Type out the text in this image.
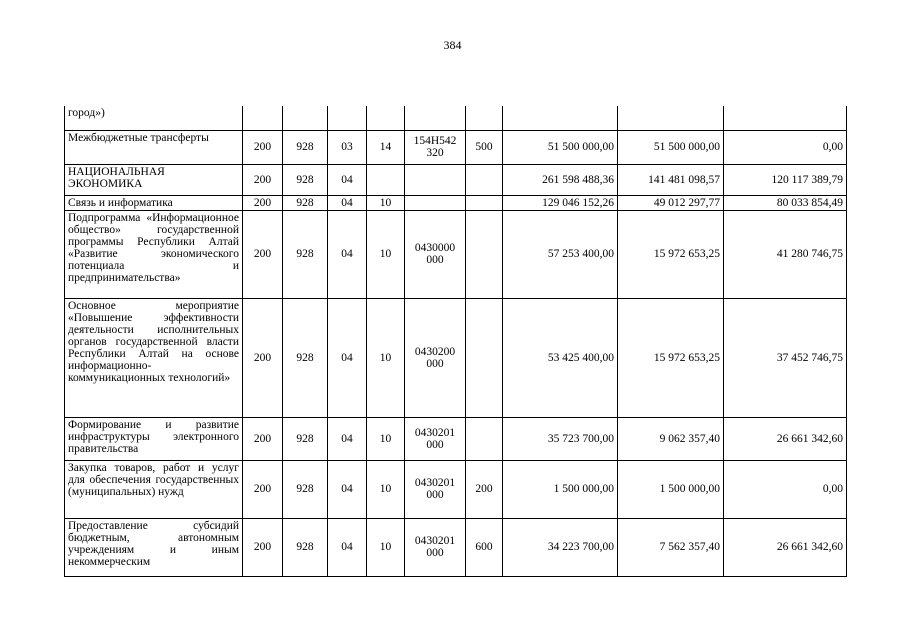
384
город»)									
Межбюджетные трансферты	200	928	03	14	154Н542 320	500	51 500 000,00	51 500 000,00	0,00
НАЦИОНАЛЬНАЯ ЭКОНОМИКА	200	928	04				261 598 488,36	141 481 098,57	120 117 389,79
Связь и информатика	200	928	04	10			129 046 152,26	49 012 297,77	80 033 854,49
Подпрограмма «Информационное общество» государственной программы Республики Алтай «Развитие экономического потенциала и предпринимательства»	200	928	04	10	0430000 000		57 253 400,00	15 972 653,25	41 280 746,75
Основное мероприятие «Повышение эффективности деятельности исполнительных органов государственной власти Республики Алтай на основе информационно-коммуникационных технологий»	200	928	04	10	0430200 000		53 425 400,00	15 972 653,25	37 452 746,75
Формирование и развитие инфраструктуры электронного правительства	200	928	04	10	0430201 000		35 723 700,00	9 062 357,40	26 661 342,60
Закупка товаров, работ и услуг для обеспечения государственных (муниципальных) нужд	200	928	04	10	0430201 000	200	1 500 000,00	1 500 000,00	0,00
Предоставление субсидий бюджетным, автономным учреждениям и иным некоммерческим	200	928	04	10	0430201 000	600	34 223 700,00	7 562 357,40	26 661 342,60
